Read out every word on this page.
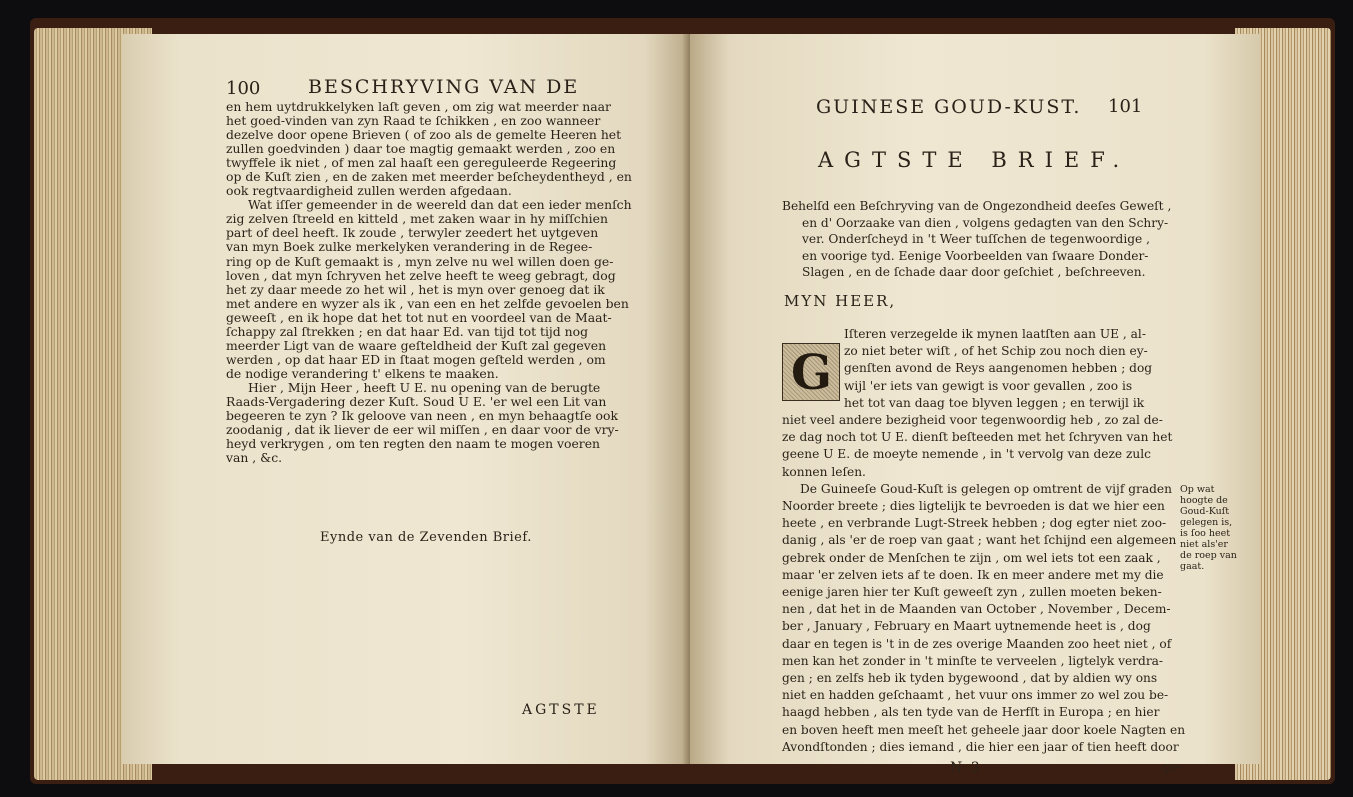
100	BESCHRYVING VAN DE
en hem uytdrukkelyken laſt geven , om zig wat meerder naar
het goed-vinden van zyn Raad te ſchikken , en zoo wanneer
dezelve door opene Brieven ( of zoo als de gemelte Heeren het
zullen goedvinden ) daar toe magtig gemaakt werden , zoo en
twyffele ik niet , of men zal haaſt een gereguleerde Regeering
op de Kuſt zien , en de zaken met meerder beſcheydentheyd , en
ook regtvaardigheid zullen werden afgedaan.
Wat iſſer gemeender in de weereld dan dat een ieder menſch
zig zelven ſtreeld en kitteld , met zaken waar in hy miſſchien
part of deel heeft. Ik zoude , terwyler zeedert het uytgeven
van myn Boek zulke merkelyken verandering in de Regee-
ring op de Kuſt gemaakt is , myn zelve nu wel willen doen ge-
loven , dat myn ſchryven het zelve heeft te weeg gebragt, dog
het zy daar meede zo het wil , het is myn over genoeg dat ik
met andere en wyzer als ik , van een en het zelfde gevoelen ben
geweeſt , en ik hope dat het tot nut en voordeel van de Maat-
ſchappy zal ſtrekken ; en dat haar Ed. van tijd tot tijd nog
meerder Ligt van de waare geſteldheid der Kuſt zal gegeven
werden , op dat haar ED in ſtaat mogen geſteld werden , om
de nodige verandering t' elkens te maaken.
Hier , Mijn Heer , heeft U E. nu opening van de berugte
Raads-Vergadering dezer Kuſt. Soud U E. 'er wel een Lit van
begeeren te zyn ? Ik geloove van neen , en myn behaagtſe ook
zoodanig , dat ik liever de eer wil miſſen , en daar voor de vry-
heyd verkrygen , om ten regten den naam te mogen voeren
van , &c.
Eynde van de Zevenden Brief.
AGTSTE
GUINESE GOUD-KUST. 101
AGTSTE BRIEF.
Behelſd een Beſchryving van de Ongezondheid deeſes Geweſt ,
en d' Oorzaake van dien , volgens gedagten van den Schry-
ver. Onderſcheyd in 't Weer tuſſchen de tegenwoordige ,
en voorige tyd. Eenige Voorbeelden van ſwaare Donder-
Slagen , en de ſchade daar door geſchiet , beſchreeven.
MYN HEER,
G
Iſteren verzegelde ik mynen laatſten aan UE , al-
zo niet beter wiſt , of het Schip zou noch dien ey-
genſten avond de Reys aangenomen hebben ; dog
wijl 'er iets van gewigt is voor gevallen , zoo is
het tot van daag toe blyven leggen ; en terwijl ik
niet veel andere bezigheid voor tegenwoordig heb , zo zal de-
ze dag noch tot U E. dienſt beſteeden met het ſchryven van het
geene U E. de moeyte nemende , in 't vervolg van deze zulc
konnen leſen.
De Guineeſe Goud-Kuſt is gelegen op omtrent de vijf graden
Noorder breete ; dies ligtelijk te bevroeden is dat we hier een
heete , en verbrande Lugt-Streek hebben ; dog egter niet zoo-
danig , als 'er de roep van gaat ; want het ſchijnd een algemeen
gebrek onder de Menſchen te zijn , om wel iets tot een zaak ,
maar 'er zelven iets af te doen. Ik en meer andere met my die
eenige jaren hier ter Kuſt geweeſt zyn , zullen moeten beken-
nen , dat het in de Maanden van October , November , Decem-
ber , January , February en Maart uytnemende heet is , dog
daar en tegen is 't in de zes overige Maanden zoo heet niet , of
men kan het zonder in 't minſte te verveelen , ligtelyk verdra-
gen ; en zelfs heb ik tyden bygewoond , dat by aldien wy ons
niet en hadden geſchaamt , het vuur ons immer zo wel zou be-
haagd hebben , als ten tyde van de Herfſt in Europa ; en hier
en boven heeft men meeſt het geheele jaar door koele Nagten en
Avondſtonden ; dies iemand , die hier een jaar of tien heeft door
N 3	ge-
Op wat
hoogte de
Goud-Kuſt
gelegen is,
is ſoo heet
niet als'er
de roep van
gaat.
